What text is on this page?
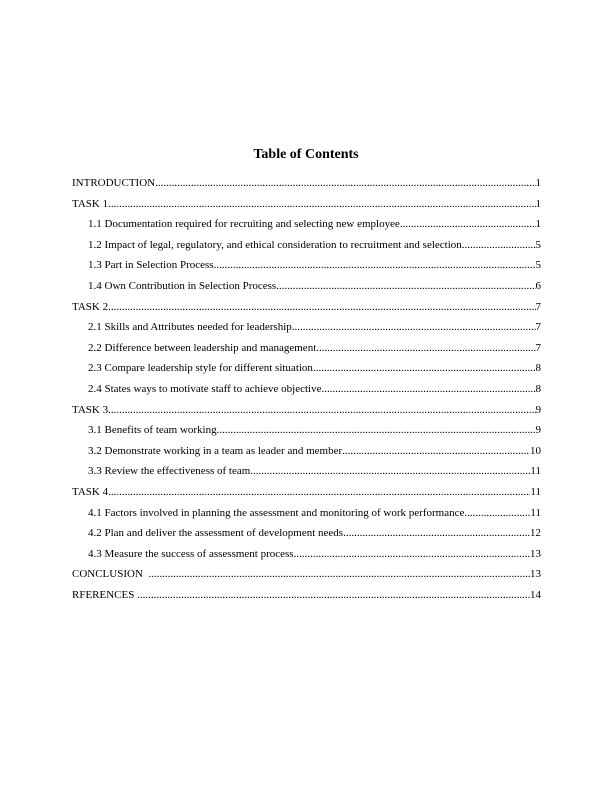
Table of Contents
INTRODUCTION .....	1
TASK 1 .....	1
1.1 Documentation required for recruiting and selecting new employee .....	1
1.2 Impact of legal, regulatory, and ethical consideration to recruitment and selection .....	5
1.3 Part in Selection Process .....	5
1.4 Own Contribution in Selection Process .....	6
TASK 2 .....	7
2.1 Skills and Attributes needed for leadership .....	7
2.2 Difference between leadership and management .....	7
2.3 Compare leadership style for different situation .....	8
2.4 States ways to motivate staff to achieve objective .....	8
TASK 3 .....	9
3.1 Benefits of team working .....	9
3.2 Demonstrate working in a team as leader and member .....	10
3.3 Review the effectiveness of team .....	11
TASK 4 .....	11
4.1 Factors involved in planning the assessment and monitoring of work performance .....	11
4.2 Plan and deliver the assessment of development needs .....	12
4.3 Measure the success of assessment process .....	13
CONCLUSION .....	13
RFERENCES .....	14
